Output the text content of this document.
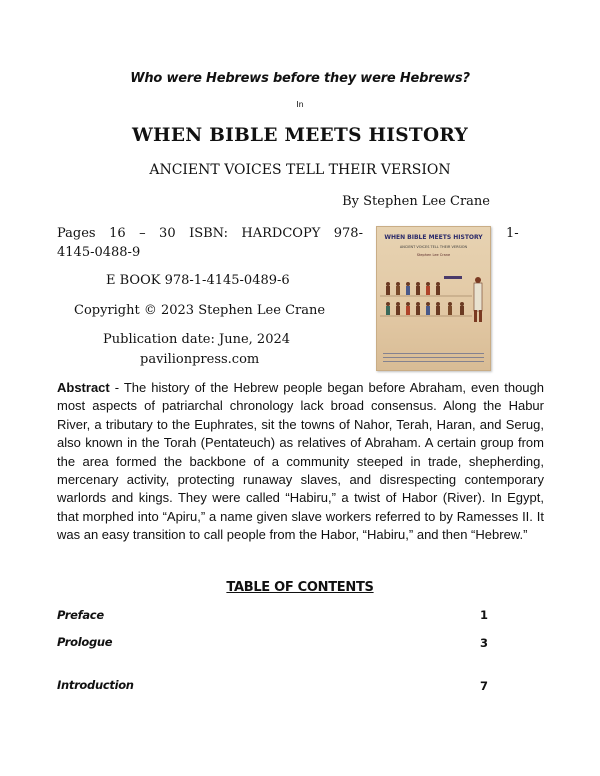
Who were Hebrews before they were Hebrews?
In
WHEN BIBLE MEETS HISTORY
ANCIENT VOICES TELL THEIR VERSION
By Stephen Lee Crane
Pages 16 – 30 ISBN: HARDCOPY 978-	1-
4145-0488-9
E BOOK 978-1-4145-0489-6
Copyright © 2023 Stephen Lee Crane
Publication date: June, 2024
pavilionpress.com
WHEN BIBLE MEETS HISTORY
ANCIENT VOICES TELL THEIR VERSION
Stephen Lee Crane
Abstract - The history of the Hebrew people began before Abraham, even though most aspects of patriarchal chronology lack broad consensus. Along the Habur River, a tributary to the Euphrates, sit the towns of Nahor, Terah, Haran, and Serug, also known in the Torah (Pentateuch) as relatives of Abraham. A certain group from the area formed the backbone of a community steeped in trade, shepherding, mercenary activity, protecting runaway slaves, and disrespecting contemporary warlords and kings. They were called “Habiru,” a twist of Habor (River). In Egypt, that morphed into “Apiru,” a name given slave workers referred to by Ramesses II. It was an easy transition to call people from the Habor, “Habiru,” and then “Hebrew.”
TABLE OF CONTENTS
Preface	1
Prologue	3
Introduction	7
